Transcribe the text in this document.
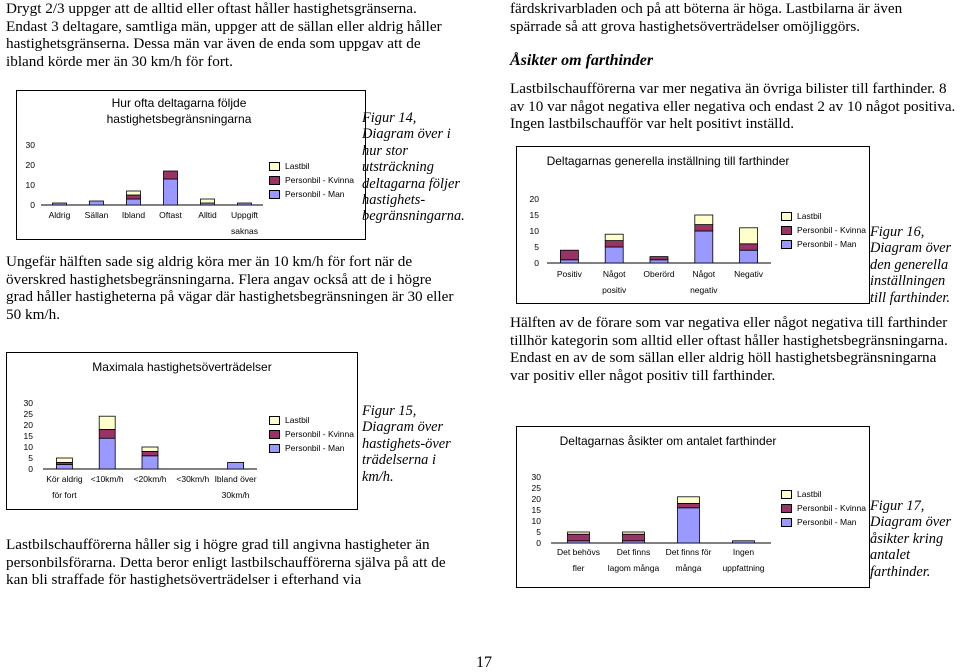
Drygt 2/3 uppger att de alltid eller oftast håller hastighetsgränserna. Endast 3 deltagare, samtliga män, uppger att de sällan eller aldrig håller hastighetsgränserna. Dessa män var även de enda som uppgav att de ibland körde mer än 30 km/h för fort.

Hur ofta deltagarna följde hastighetsbegränsningarna
0
10
20
30
Aldrig Sällan Ibland Oftast Alltid Uppgift
saknas
Lastbil
Personbil - Kvinna
Personbil - Man

Figur 14, Diagram över i hur stor utsträckning deltagarna följer hastighets-begränsningarna.

Ungefär hälften sade sig aldrig köra mer än 10 km/h för fort när de överskred hastighetsbegränsningarna. Flera angav också att de i högre grad håller hastigheterna på vägar där hastighetsbegränsningen är 30 eller 50 km/h.

Maximala hastighetsöverträdelser
0
5
10
15
20
25
30
Kör aldrig
för fort
<10km/h <20km/h <30km/h Ibland över
30km/h
Lastbil
Personbil - Kvinna
Personbil - Man

Figur 15, Diagram över hastighets-över trädelserna i km/h.

Lastbilschaufförerna håller sig i högre grad till angivna hastigheter än personbilsförarna. Detta beror enligt lastbilschaufförerna själva på att de kan bli straffade för hastighetsöverträdelser i efterhand via

färdskrivarbladen och på att böterna är höga. Lastbilarna är även spärrade så att grova hastighetsöverträdelser omöjliggörs.

Åsikter om farthinder

Lastbilschaufförerna var mer negativa än övriga bilister till farthinder. 8 av 10 var något negativa eller negativa och endast 2 av 10 något positiva. Ingen lastbilschaufför var helt positivt inställd.

Deltagarnas generella inställning till farthinder
0
5
10
15
20
Positiv Något
positiv
Oberörd Något
negativ
Negativ
Lastbil
Personbil - Kvinna
Personbil - Man

Figur 16, Diagram över den generella inställningen till farthinder.

Hälften av de förare som var negativa eller något negativa till farthinder tillhör kategorin som alltid eller oftast håller hastighetsbegränsningarna. Endast en av de som sällan eller aldrig höll hastighetsbegränsningarna var positiv eller något positiv till farthinder.

Deltagarnas åsikter om antalet farthinder
0
5
10
15
20
25
30
Det behövs
fler
Det finns
lagom många
Det finns för
många
Ingen
uppfattning
Lastbil
Personbil - Kvinna
Personbil - Man

Figur 17, Diagram över åsikter kring antalet farthinder.

17
